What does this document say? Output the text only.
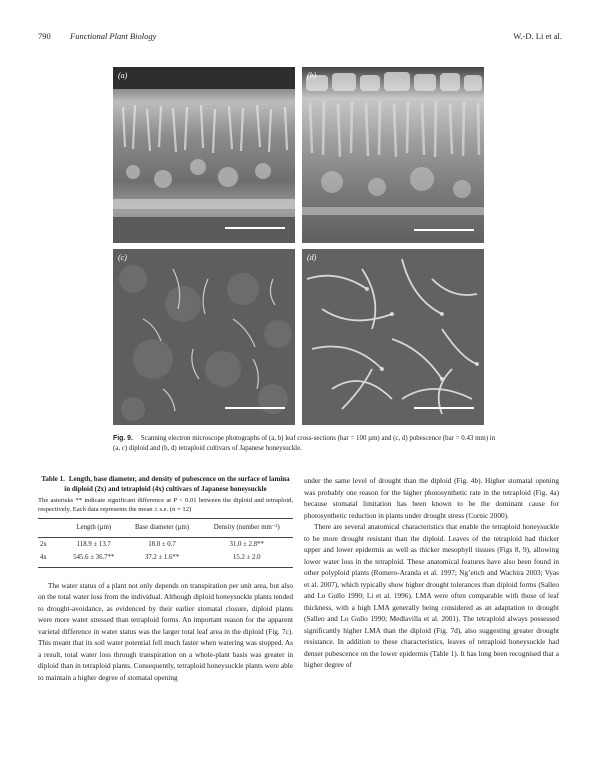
790 Functional Plant Biology	W.-D. Li et al.
(a)	(b)
(c)	(d)
Fig. 9. Scanning electron microscope photographs of (a, b) leaf cross-sections (bar = 100 µm) and (c, d) pubescence (bar = 0.43 mm) in (a, c) diploid and (b, d) tetraploid cultivars of Japanese honeysuckle.
Table 1. Length, base diameter, and density of pubescence on the surface of lamina in diploid (2x) and tetraploid (4x) cultivars of Japanese honeysuckle
The asterisks ** indicate significant difference at P < 0.01 between the diploid and tetraploid, respectively. Each data represents the mean ± s.e. (n = 12)
	Length (µm)	Base diameter (µm)	Density (number mm⁻²)
2x	118.9 ± 13.7	18.0 ± 0.7	31.0 ± 2.8**
4x	545.6 ± 36.7**	37.2 ± 1.6**	15.2 ± 2.0

The water status of a plant not only depends on transpiration per unit area, but also on the total water loss from the individual. Although diploid honeysuckle plants tended to drought-avoidance, as evidenced by their earlier stomatal closure, diploid plants were more water stressed than tetraploid forms. An important reason for the apparent varietal difference in water status was the larger total leaf area in the diploid (Fig. 7c). This meant that its soil water potential fell much faster when watering was stopped. As a result, total water loss through transpiration on a whole-plant basis was greater in diploid than in tetraploid plants. Consequently, tetraploid honeysuckle plants were able to maintain a higher degree of stomatal opening

under the same level of drought than the diploid (Fig. 4b). Higher stomatal opening was probably one reason for the higher photosynthetic rate in the tetraploid (Fig. 4a) because stomatal limitation has been known to be the dominant cause for photosynthetic reduction in plants under drought stress (Cornic 2000).

There are several anatomical characteristics that enable the tetraploid honeysuckle to be more drought resistant than the diploid. Leaves of the tetraploid had thicker upper and lower epidermis as well as thicker mesophyll tissues (Figs 8, 9), allowing lower water loss in the tetraploid. These anatomical features have also been found in other polyploid plants (Romero-Aranda et al. 1997; Ng’etich and Wachira 2003; Vyas et al. 2007), which typically show higher drought tolerances than diploid forms (Salleo and Lo Gullo 1990; Li et al. 1996). LMA were often comparable with those of leaf thickness, with a high LMA generally being considered as an adaptation to drought (Salleo and Lo Gullo 1990; Medlavilla et al. 2001). The tetraploid always possessed significantly higher LMA than the diploid (Fig. 7d), also suggesting greater drought resistance. In addition to these characteristics, leaves of tetraploid honeysuckle had denser pubescence on the lower epidermis (Table 1). It has long been recognised that a higher degree of
